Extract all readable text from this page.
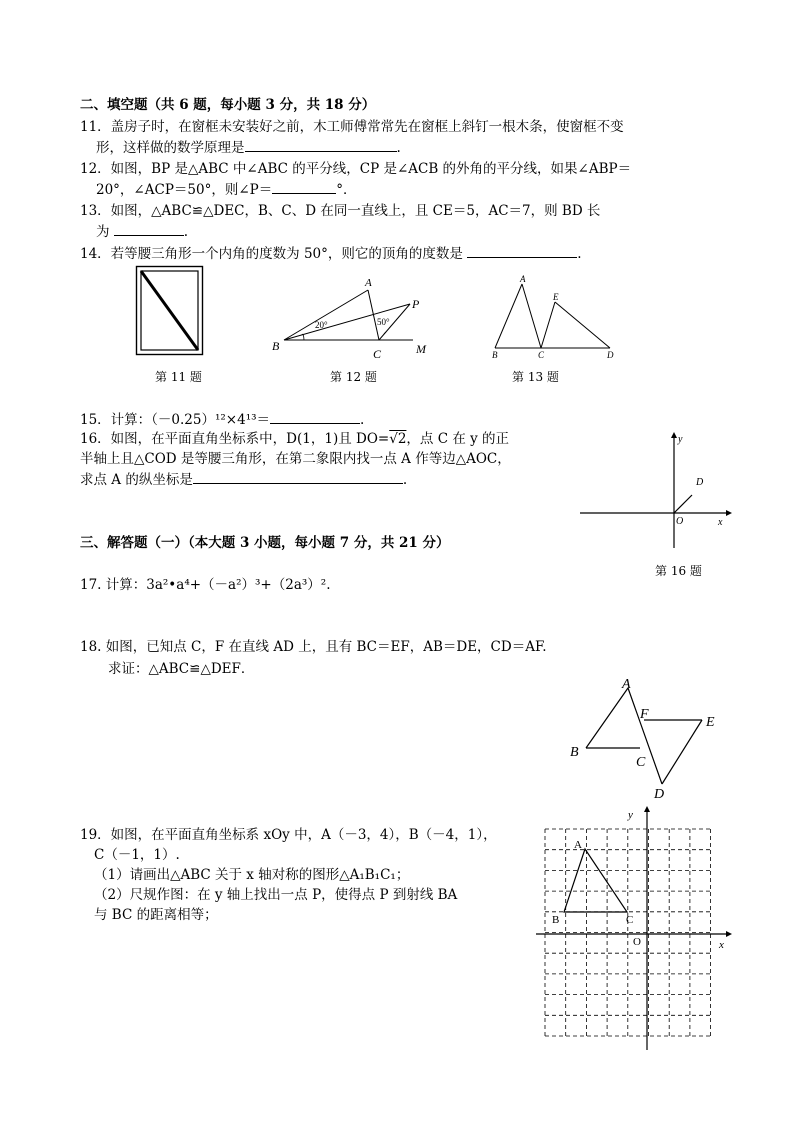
二、填空题（共 6 题，每小题 3 分，共 18 分）
11．盖房子时，在窗框未安装好之前，木工师傅常常先在窗框上斜钉一根木条，使窗框不变
形，这样做的数学原理是	.
12．如图，BP 是△ABC 中∠ABC 的平分线，CP 是∠ACB 的外角的平分线，如果∠ABP＝
20°，∠ACP＝50°，则∠P＝	°．
13．如图，△ABC≌△DEC，B、C、D 在同一直线上，且 CE＝5，AC＝7，则 BD 长
为	.
14．若等腰三角形一个内角的度数为 50°，则它的顶角的度数是	.
第 11 题
A
B
C
P
M
20°	50°
第 12 题
A
B	C	D
E
第 13 题
15．计算：（－0.25）¹²×4¹³＝	.
16．如图，在平面直角坐标系中，D(1，1)且 DO=√2，点 C 在 y 的正
半轴上且△COD 是等腰三角形，在第二象限内找一点 A 作等边△AOC，
求点 A 的纵坐标是	.
y
x
O
D
第 16 题
三、解答题（一）（本大题 3 小题，每小题 7 分，共 21 分）
17. 计算：3a²•a⁴+（－a²）³+（2a³）².
18. 如图，已知点 C，F 在直线 AD 上，且有 BC＝EF，AB＝DE，CD＝AF.
求证：△ABC≌△DEF．
A
B
C
D
E
F
19．如图，在平面直角坐标系 xOy 中，A（－3，4），B（－4，1），
C（－1，1）.
（1）请画出△ABC 关于 x 轴对称的图形△A₁B₁C₁；
（2）尺规作图：在 y 轴上找出一点 P，使得点 P 到射线 BA
与 BC 的距离相等；
y
x
O
A
B	C
